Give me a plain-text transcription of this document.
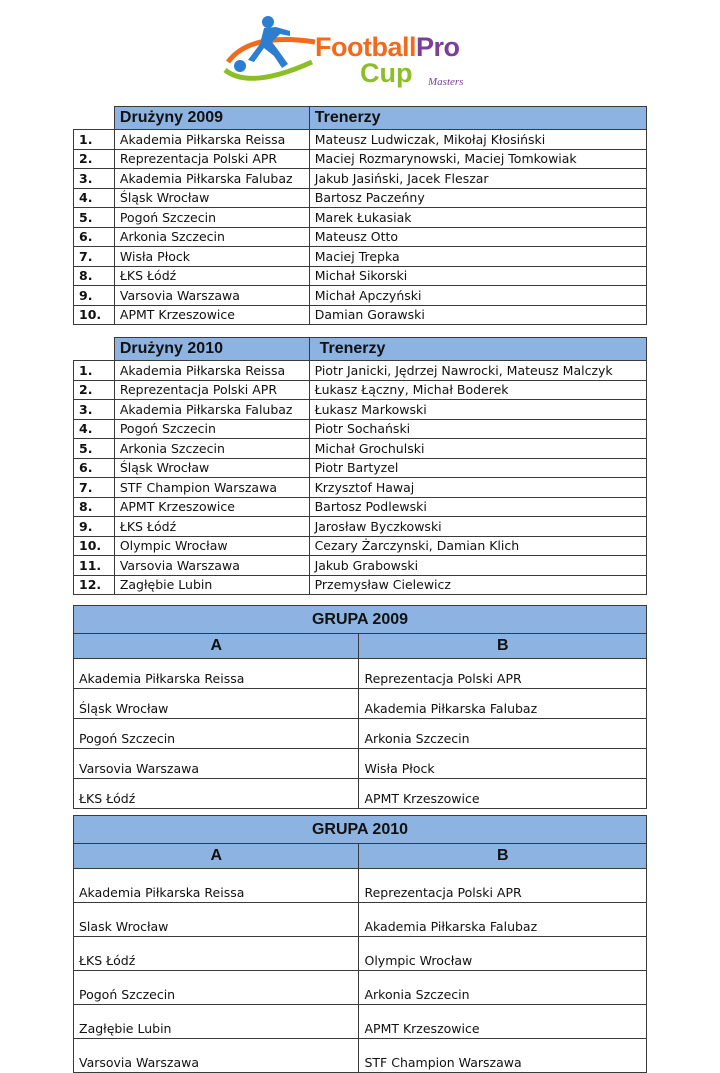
FootballPro
Cup Masters
	Drużyny 2009	Trenerzy
1.	Akademia Piłkarska Reissa	Mateusz Ludwiczak, Mikołaj Kłosiński
2.	Reprezentacja Polski APR	Maciej Rozmarynowski, Maciej Tomkowiak
3.	Akademia Piłkarska Falubaz	Jakub Jasiński, Jacek Fleszar
4.	Śląsk Wrocław	Bartosz Paczeńny
5.	Pogoń Szczecin	Marek Łukasiak
6.	Arkonia Szczecin	Mateusz Otto
7.	Wisła Płock	Maciej Trepka
8.	ŁKS Łódź	Michał Sikorski
9.	Varsovia Warszawa	Michał Apczyński
10.	APMT Krzeszowice	Damian Gorawski
	Drużyny 2010	Trenerzy
1.	Akademia Piłkarska Reissa	Piotr Janicki, Jędrzej Nawrocki, Mateusz Malczyk
2.	Reprezentacja Polski APR	Łukasz Łączny, Michał Boderek
3.	Akademia Piłkarska Falubaz	Łukasz Markowski
4.	Pogoń Szczecin	Piotr Sochański
5.	Arkonia Szczecin	Michał Grochulski
6.	Śląsk Wrocław	Piotr Bartyzel
7.	STF Champion Warszawa	Krzysztof Hawaj
8.	APMT Krzeszowice	Bartosz Podlewski
9.	ŁKS Łódź	Jarosław Byczkowski
10.	Olympic Wrocław	Cezary Żarczynski, Damian Klich
11.	Varsovia Warszawa	Jakub Grabowski
12.	Zagłębie Lubin	Przemysław Cielewicz
GRUPA 2009	
A	B
Akademia Piłkarska Reissa	Reprezentacja Polski APR
Śląsk Wrocław	Akademia Piłkarska Falubaz
Pogoń Szczecin	Arkonia Szczecin
Varsovia Warszawa	Wisła Płock
ŁKS Łódź	APMT Krzeszowice
GRUPA 2010	
A	B
Akademia Piłkarska Reissa	Reprezentacja Polski APR
Slask Wrocław	Akademia Piłkarska Falubaz
ŁKS Łódź	Olympic Wrocław
Pogoń Szczecin	Arkonia Szczecin
Zagłębie Lubin	APMT Krzeszowice
Varsovia Warszawa	STF Champion Warszawa
